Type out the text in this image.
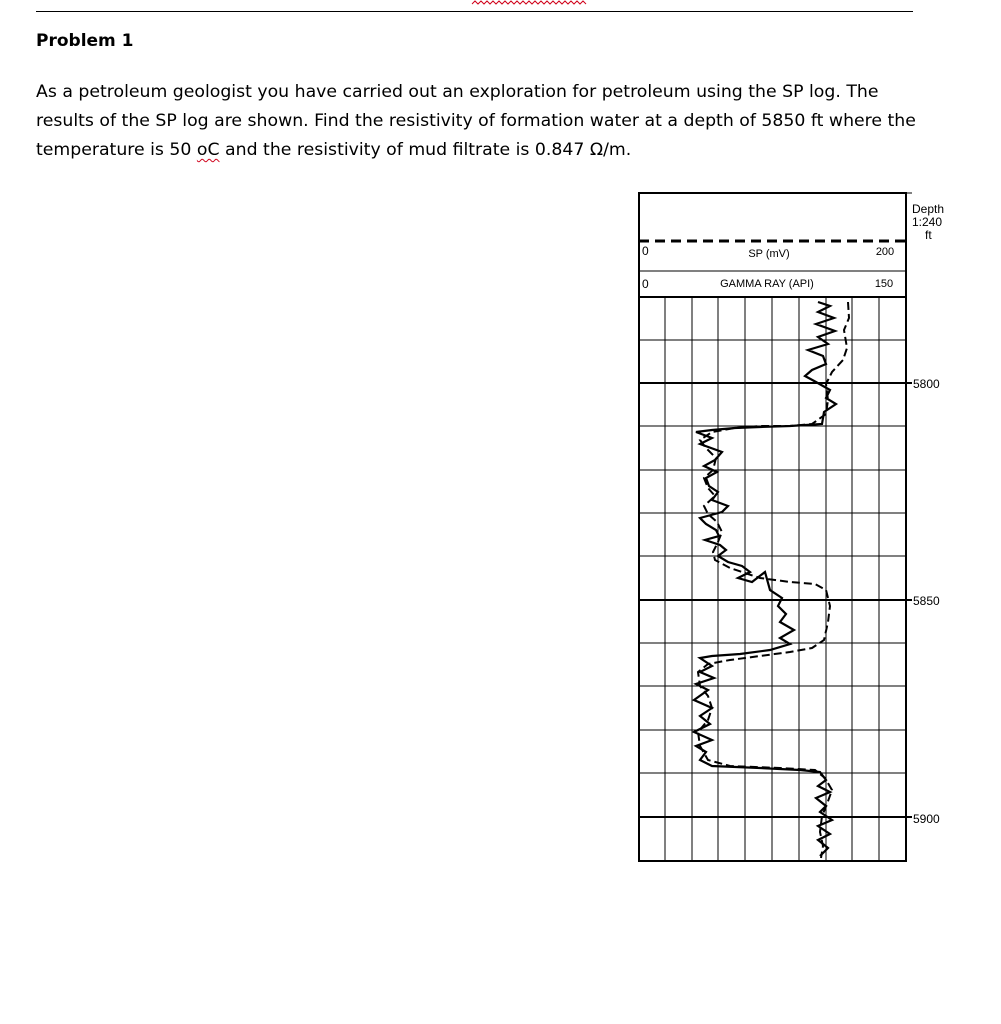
Problem 1

As a petroleum geologist you have carried out an exploration for petroleum using the SP log. The results of the SP log are shown. Find the resistivity of formation water at a depth of 5850 ft where the temperature is 50 oC and the resistivity of mud filtrate is 0.847 Ω/m.

0	SP (mV)	200
0	GAMMA RAY (API)	150
Depth
1:240
ft
5800
5850
5900
